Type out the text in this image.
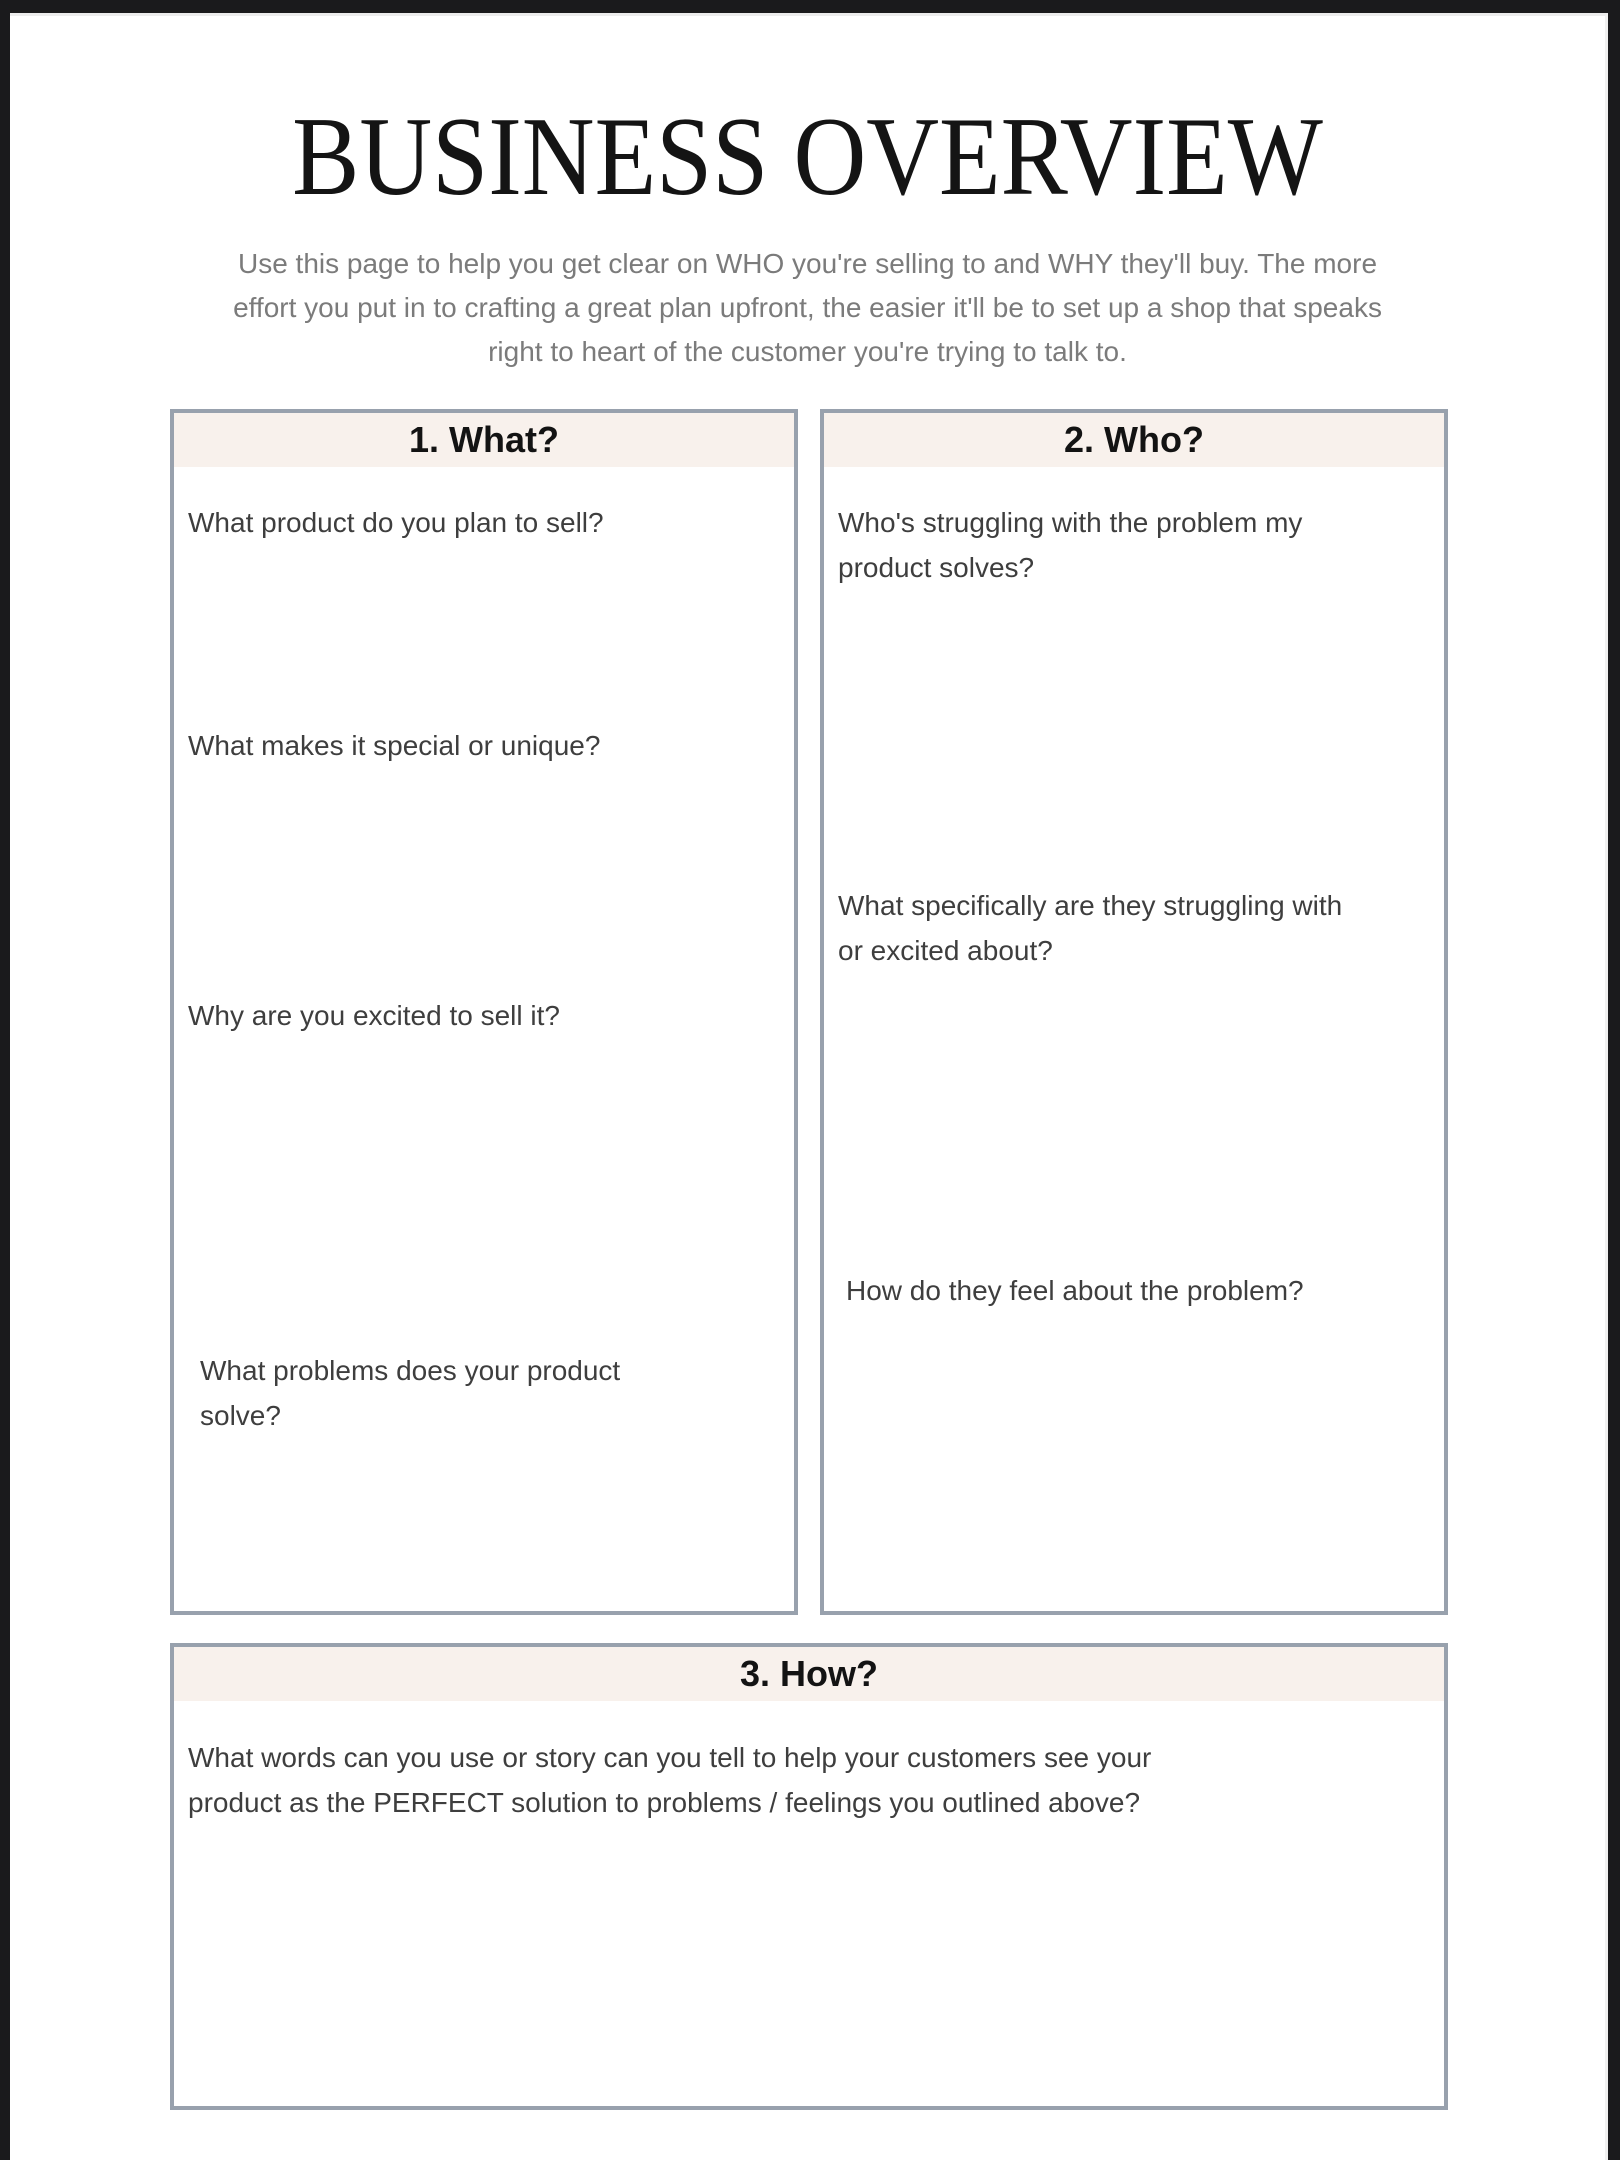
BUSINESS OVERVIEW

Use this page to help you get clear on WHO you're selling to and WHY they'll buy. The more effort you put in to crafting a great plan upfront, the easier it'll be to set up a shop that speaks right to heart of the customer you're trying to talk to.

1. What?
What product do you plan to sell?
What makes it special or unique?
Why are you excited to sell it?
What problems does your product solve?
2. Who?
Who's struggling with the problem my product solves?
What specifically are they struggling with or excited about?
How do they feel about the problem?
3. How?
What words can you use or story can you tell to help your customers see your product as the PERFECT solution to problems / feelings you outlined above?
